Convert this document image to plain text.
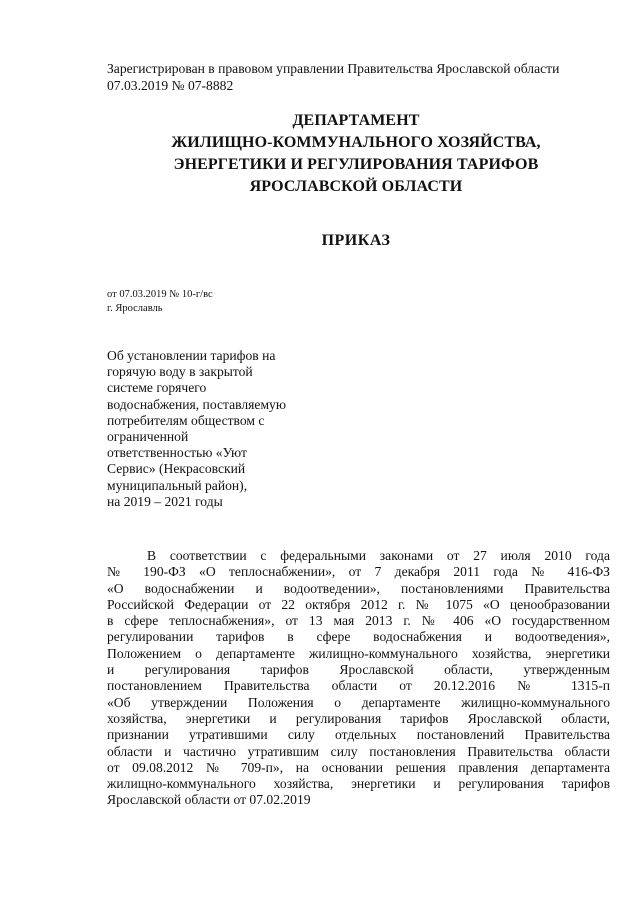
Зарегистрирован в правовом управлении Правительства Ярославской области
07.03.2019 № 07-8882
ДЕПАРТАМЕНТ
ЖИЛИЩНО-КОММУНАЛЬНОГО ХОЗЯЙСТВА,
ЭНЕРГЕТИКИ И РЕГУЛИРОВАНИЯ ТАРИФОВ
ЯРОСЛАВСКОЙ ОБЛАСТИ
ПРИКАЗ
от 07.03.2019 № 10-г/вс
г. Ярославль
Об установлении тарифов на
горячую воду в закрытой
системе горячего
водоснабжения, поставляемую
потребителям обществом с
ограниченной
ответственностью «Уют
Сервис» (Некрасовский
муниципальный район),
на 2019 – 2021 годы
В соответствии с федеральными законами от 27 июля 2010 года
№ 190-ФЗ «О теплоснабжении», от 7 декабря 2011 года № 416-ФЗ
«О водоснабжении и водоотведении», постановлениями Правительства
Российской Федерации от 22 октября 2012 г. № 1075 «О ценообразовании
в сфере теплоснабжения», от 13 мая 2013 г. № 406 «О государственном
регулировании тарифов в сфере водоснабжения и водоотведения»,
Положением о департаменте жилищно-коммунального хозяйства, энергетики
и регулирования тарифов Ярославской области, утвержденным
постановлением Правительства области от 20.12.2016 № 1315-п
«Об утверждении Положения о департаменте жилищно-коммунального
хозяйства, энергетики и регулирования тарифов Ярославской области,
признании утратившими силу отдельных постановлений Правительства
области и частично утратившим силу постановления Правительства области
от 09.08.2012 № 709-п», на основании решения правления департамента
жилищно-коммунального хозяйства, энергетики и регулирования тарифов
Ярославской области от 07.02.2019
